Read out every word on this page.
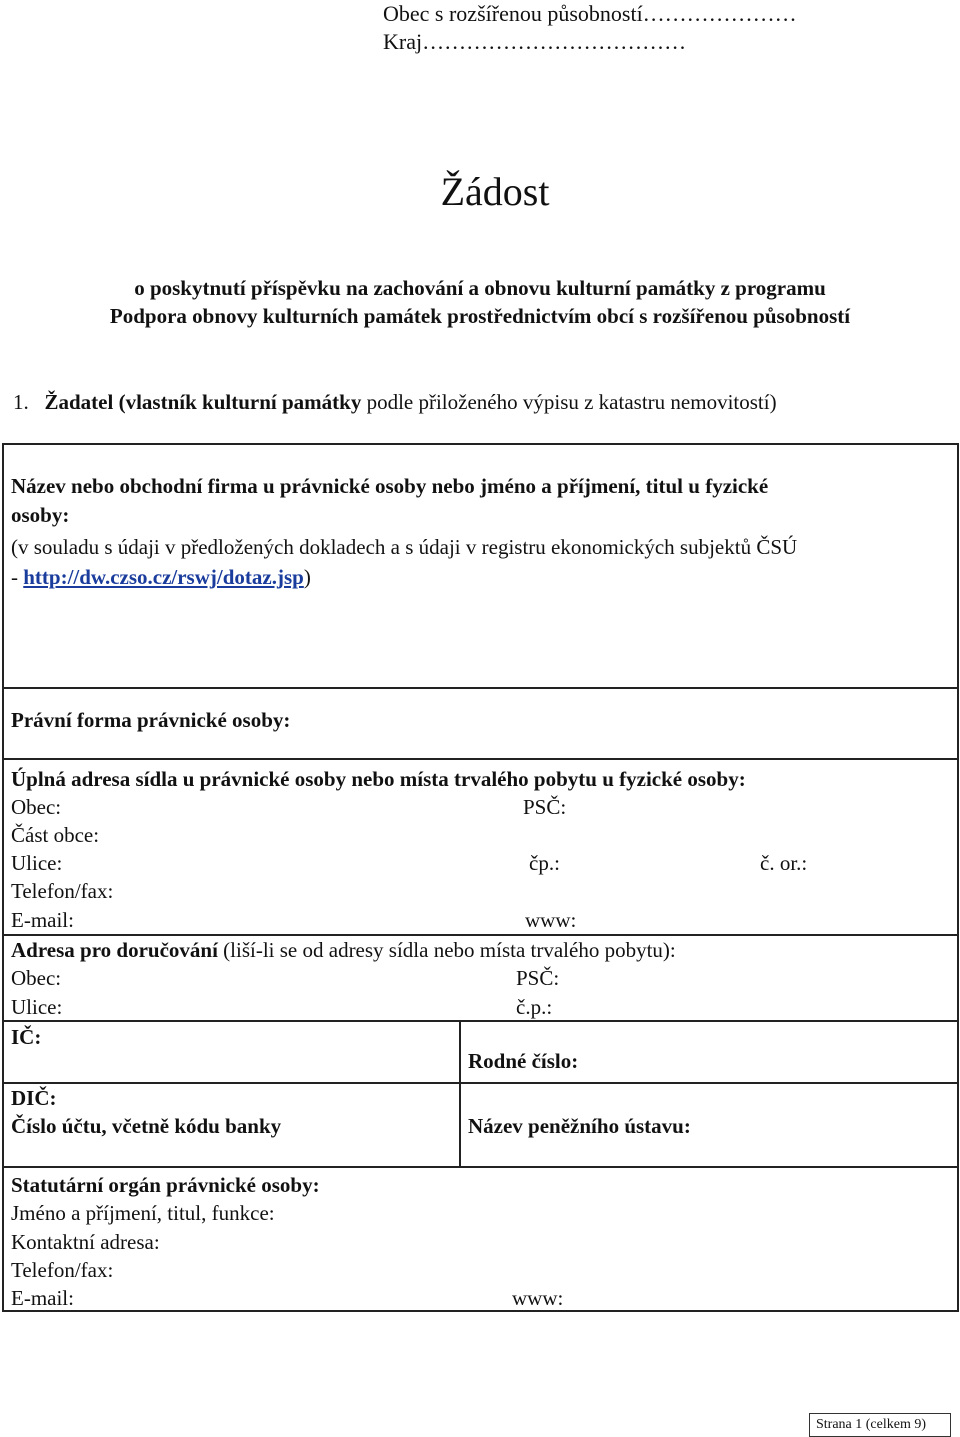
Obec s rozšířenou působností…………………
Kraj………………………………
Žádost
o poskytnutí příspěvku na zachování a obnovu kulturní památky z programu
Podpora obnovy kulturních památek prostřednictvím obcí s rozšířenou působností
1. Žadatel (vlastník kulturní památky podle přiloženého výpisu z katastru nemovitostí)
Název nebo obchodní firma u právnické osoby nebo jméno a příjmení, titul u fyzické
osoby:
(v souladu s údaji v předložených dokladech a s údaji v registru ekonomických subjektů ČSÚ
- http://dw.czso.cz/rswj/dotaz.jsp)
Právní forma právnické osoby:
Úplná adresa sídla u právnické osoby nebo místa trvalého pobytu u fyzické osoby:
Obec:	PSČ:
Část obce:
Ulice:	čp.:	č. or.:
Telefon/fax:
E-mail:	www:
Adresa pro doručování (liší-li se od adresy sídla nebo místa trvalého pobytu):
Obec:	PSČ:
Ulice:	č.p.:
IČ:
Rodné číslo:
DIČ:
Číslo účtu, včetně kódu banky	Název peněžního ústavu:
Statutární orgán právnické osoby:
Jméno a příjmení, titul, funkce:
Kontaktní adresa:
Telefon/fax:
E-mail:	www:
Strana 1 (celkem 9)
